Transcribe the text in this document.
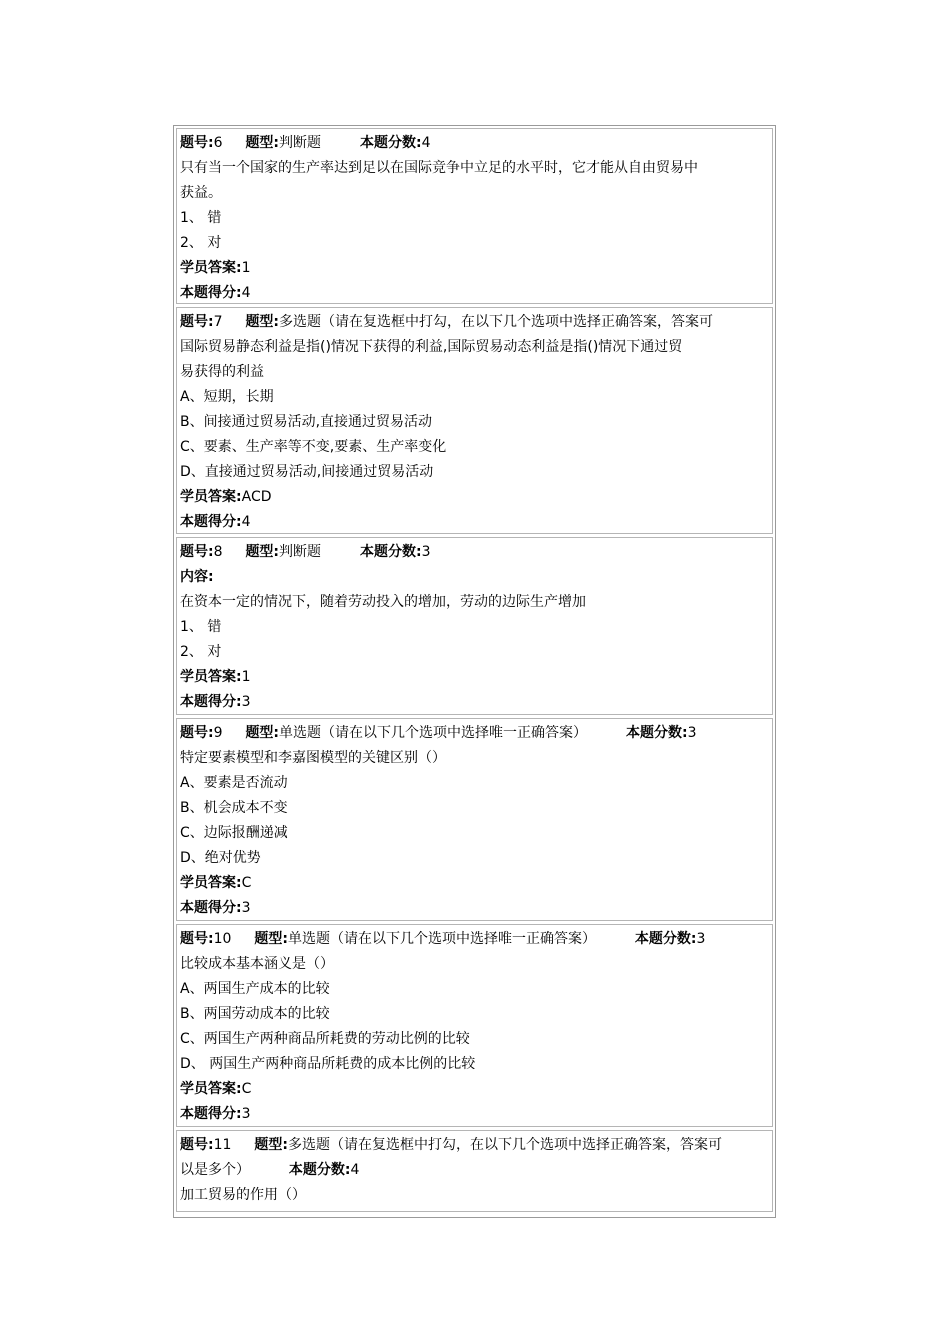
题号:6 题型:判断题	本题分数:4
只有当一个国家的生产率达到足以在国际竞争中立足的水平时，它才能从自由贸易中
获益。
1、 错
2、 对
学员答案:1
本题得分:4
题号:7 题型:多选题（请在复选框中打勾，在以下几个选项中选择正确答案，答案可
国际贸易静态利益是指()情况下获得的利益,国际贸易动态利益是指()情况下通过贸
易获得的利益
A、短期，长期
B、间接通过贸易活动,直接通过贸易活动
C、要素、生产率等不变,要素、生产率变化
D、直接通过贸易活动,间接通过贸易活动
学员答案:ACD
本题得分:4
题号:8 题型:判断题	本题分数:3
内容:
在资本一定的情况下，随着劳动投入的增加，劳动的边际生产增加
1、 错
2、 对
学员答案:1
本题得分:3
题号:9 题型:单选题（请在以下几个选项中选择唯一正确答案）	本题分数:3
特定要素模型和李嘉图模型的关键区别（）
A、要素是否流动
B、机会成本不变
C、边际报酬递减
D、绝对优势
学员答案:C
本题得分:3
题号:10 题型:单选题（请在以下几个选项中选择唯一正确答案）	本题分数:3
比较成本基本涵义是（）
A、两国生产成本的比较
B、两国劳动成本的比较
C、两国生产两种商品所耗费的劳动比例的比较
D、 两国生产两种商品所耗费的成本比例的比较
学员答案:C
本题得分:3
题号:11 题型:多选题（请在复选框中打勾，在以下几个选项中选择正确答案，答案可
以是多个）	本题分数:4
加工贸易的作用（）
